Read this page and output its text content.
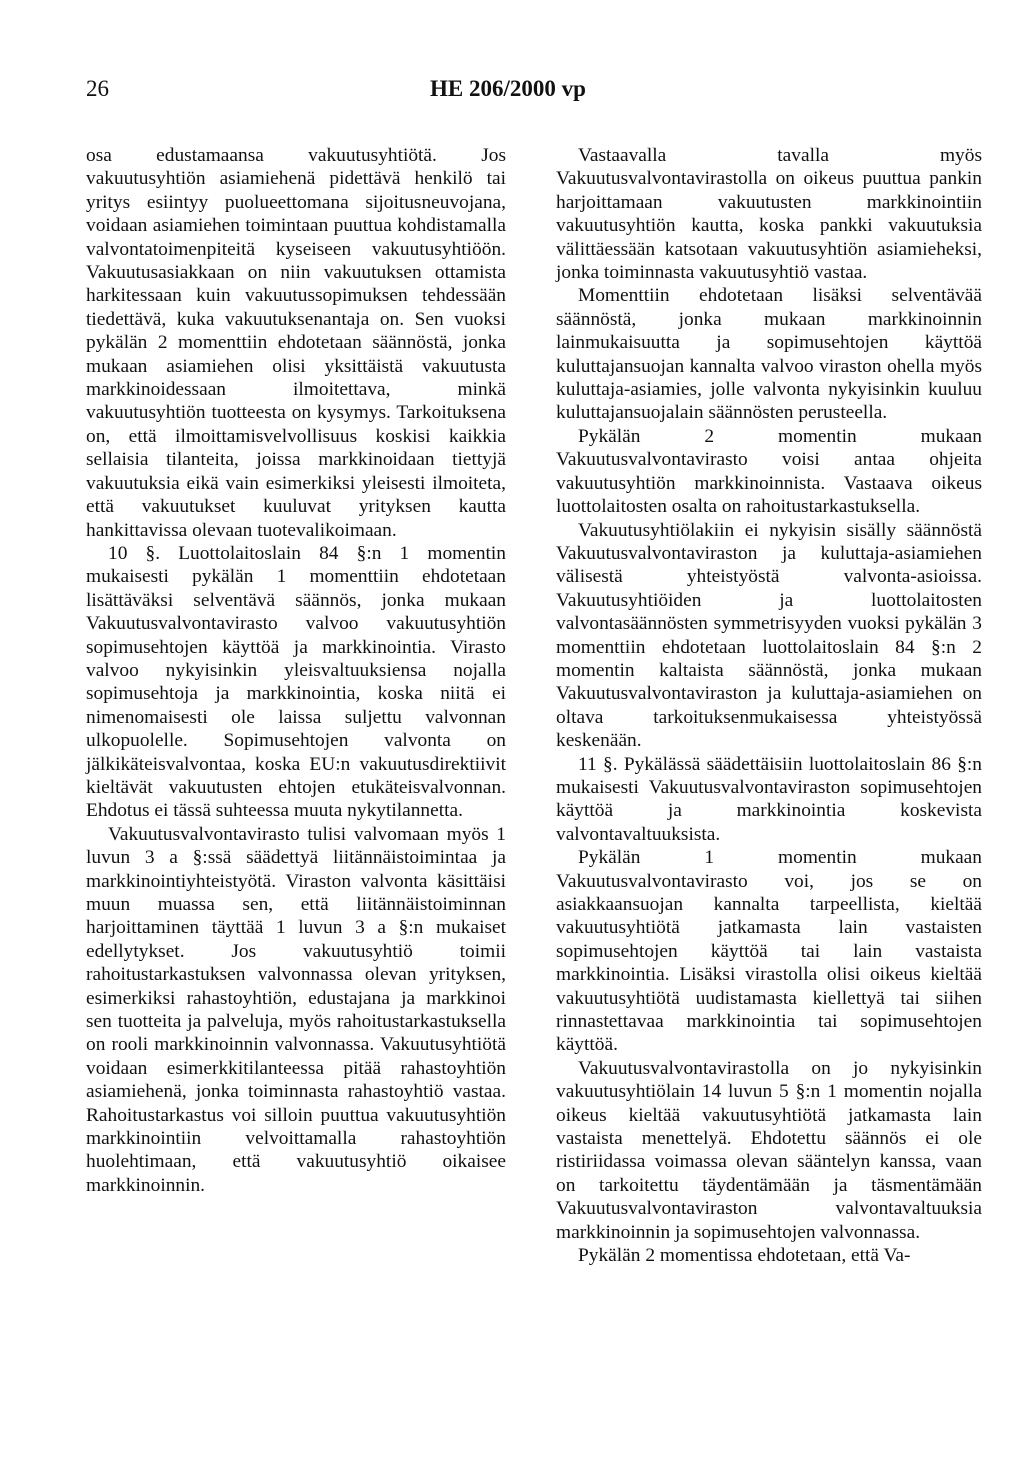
26	HE 206/2000 vp

osa edustamaansa vakuutusyhtiötä. Jos vakuutusyhtiön asiamiehenä pidettävä henkilö tai yritys esiintyy puolueettomana sijoitusneuvojana, voidaan asiamiehen toimintaan puuttua kohdistamalla valvontatoimenpiteitä kyseiseen vakuutusyhtiöön. Vakuutusasiakkaan on niin vakuutuksen ottamista harkitessaan kuin vakuutussopimuksen tehdessään tiedettävä, kuka vakuutuksenantaja on. Sen vuoksi pykälän 2 momenttiin ehdotetaan säännöstä, jonka mukaan asiamiehen olisi yksittäistä vakuutusta markkinoidessaan ilmoitettava, minkä vakuutusyhtiön tuotteesta on kysymys. Tarkoituksena on, että ilmoittamisvelvollisuus koskisi kaikkia sellaisia tilanteita, joissa markkinoidaan tiettyjä vakuutuksia eikä vain esimerkiksi yleisesti ilmoiteta, että vakuutukset kuuluvat yrityksen kautta hankittavissa olevaan tuotevalikoimaan.

10 §. Luottolaitoslain 84 §:n 1 momentin mukaisesti pykälän 1 momenttiin ehdotetaan lisättäväksi selventävä säännös, jonka mukaan Vakuutusvalvontavirasto valvoo vakuutusyhtiön sopimusehtojen käyttöä ja markkinointia. Virasto valvoo nykyisinkin yleisvaltuuksiensa nojalla sopimusehtoja ja markkinointia, koska niitä ei nimenomaisesti ole laissa suljettu valvonnan ulkopuolelle. Sopimusehtojen valvonta on jälkikäteisvalvontaa, koska EU:n vakuutusdirektiivit kieltävät vakuutusten ehtojen etukäteisvalvonnan. Ehdotus ei tässä suhteessa muuta nykytilannetta.

Vakuutusvalvontavirasto tulisi valvomaan myös 1 luvun 3 a §:ssä säädettyä liitännäistoimintaa ja markkinointiyhteistyötä. Viraston valvonta käsittäisi muun muassa sen, että liitännäistoiminnan harjoittaminen täyttää 1 luvun 3 a §:n mukaiset edellytykset. Jos vakuutusyhtiö toimii rahoitustarkastuksen valvonnassa olevan yrityksen, esimerkiksi rahastoyhtiön, edustajana ja markkinoi sen tuotteita ja palveluja, myös rahoitustarkastuksella on rooli markkinoinnin valvonnassa. Vakuutusyhtiötä voidaan esimerkkitilanteessa pitää rahastoyhtiön asiamiehenä, jonka toiminnasta rahastoyhtiö vastaa. Rahoitustarkastus voi silloin puuttua vakuutusyhtiön markkinointiin velvoittamalla rahastoyhtiön huolehtimaan, että vakuutusyhtiö oikaisee markkinoinnin.

Vastaavalla tavalla myös Vakuutusvalvontavirastolla on oikeus puuttua pankin harjoittamaan vakuutusten markkinointiin vakuutusyhtiön kautta, koska pankki vakuutuksia välittäessään katsotaan vakuutusyhtiön asiamieheksi, jonka toiminnasta vakuutusyhtiö vastaa.

Momenttiin ehdotetaan lisäksi selventävää säännöstä, jonka mukaan markkinoinnin lainmukaisuutta ja sopimusehtojen käyttöä kuluttajansuojan kannalta valvoo viraston ohella myös kuluttaja-asiamies, jolle valvonta nykyisinkin kuuluu kuluttajansuojalain säännösten perusteella.

Pykälän 2 momentin mukaan Vakuutusvalvontavirasto voisi antaa ohjeita vakuutusyhtiön markkinoinnista. Vastaava oikeus luottolaitosten osalta on rahoitustarkastuksella.

Vakuutusyhtiölakiin ei nykyisin sisälly säännöstä Vakuutusvalvontaviraston ja kuluttaja-asiamiehen välisestä yhteistyöstä valvonta-asioissa. Vakuutusyhtiöiden ja luottolaitosten valvontasäännösten symmetrisyyden vuoksi pykälän 3 momenttiin ehdotetaan luottolaitoslain 84 §:n 2 momentin kaltaista säännöstä, jonka mukaan Vakuutusvalvontaviraston ja kuluttaja-asiamiehen on oltava tarkoituksenmukaisessa yhteistyössä keskenään.

11 §. Pykälässä säädettäisiin luottolaitoslain 86 §:n mukaisesti Vakuutusvalvontaviraston sopimusehtojen käyttöä ja markkinointia koskevista valvontavaltuuksista.

Pykälän 1 momentin mukaan Vakuutusvalvontavirasto voi, jos se on asiakkaansuojan kannalta tarpeellista, kieltää vakuutusyhtiötä jatkamasta lain vastaisten sopimusehtojen käyttöä tai lain vastaista markkinointia. Lisäksi virastolla olisi oikeus kieltää vakuutusyhtiötä uudistamasta kiellettyä tai siihen rinnastettavaa markkinointia tai sopimusehtojen käyttöä.

Vakuutusvalvontavirastolla on jo nykyisinkin vakuutusyhtiölain 14 luvun 5 §:n 1 momentin nojalla oikeus kieltää vakuutusyhtiötä jatkamasta lain vastaista menettelyä. Ehdotettu säännös ei ole ristiriidassa voimassa olevan sääntelyn kanssa, vaan on tarkoitettu täydentämään ja täsmentämään Vakuutusvalvontaviraston valvontavaltuuksia markkinoinnin ja sopimusehtojen valvonnassa.

Pykälän 2 momentissa ehdotetaan, että Va-
